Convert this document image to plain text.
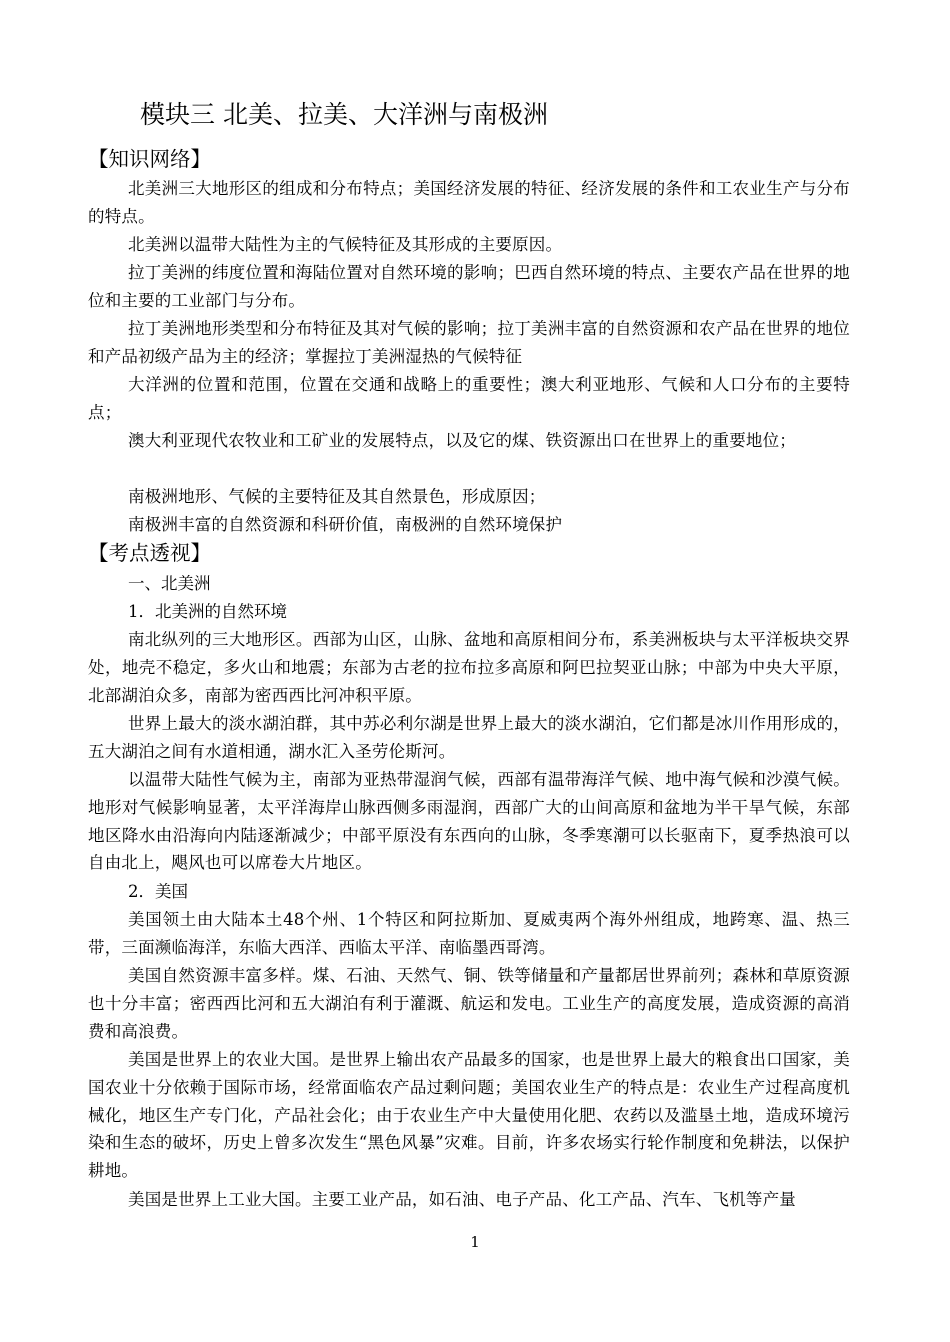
模块三 北美、拉美、大洋洲与南极洲
【知识网络】
北美洲三大地形区的组成和分布特点；美国经济发展的特征、经济发展的条件和工农业生产与分布的特点。
北美洲以温带大陆性为主的气候特征及其形成的主要原因。
拉丁美洲的纬度位置和海陆位置对自然环境的影响；巴西自然环境的特点、主要农产品在世界的地位和主要的工业部门与分布。
拉丁美洲地形类型和分布特征及其对气候的影响；拉丁美洲丰富的自然资源和农产品在世界的地位和产品初级产品为主的经济；掌握拉丁美洲湿热的气候特征
大洋洲的位置和范围，位置在交通和战略上的重要性；澳大利亚地形、气候和人口分布的主要特点；
澳大利亚现代农牧业和工矿业的发展特点，以及它的煤、铁资源出口在世界上的重要地位；
南极洲地形、气候的主要特征及其自然景色，形成原因；
南极洲丰富的自然资源和科研价值，南极洲的自然环境保护
【考点透视】
一、北美洲
1．北美洲的自然环境
南北纵列的三大地形区。西部为山区，山脉、盆地和高原相间分布，系美洲板块与太平洋板块交界处，地壳不稳定，多火山和地震；东部为古老的拉布拉多高原和阿巴拉契亚山脉；中部为中央大平原，北部湖泊众多，南部为密西西比河冲积平原。
世界上最大的淡水湖泊群，其中苏必利尔湖是世界上最大的淡水湖泊，它们都是冰川作用形成的，五大湖泊之间有水道相通，湖水汇入圣劳伦斯河。
以温带大陆性气候为主，南部为亚热带湿润气候，西部有温带海洋气候、地中海气候和沙漠气候。地形对气候影响显著，太平洋海岸山脉西侧多雨湿润，西部广大的山间高原和盆地为半干旱气候，东部地区降水由沿海向内陆逐渐减少；中部平原没有东西向的山脉，冬季寒潮可以长驱南下，夏季热浪可以自由北上，飓风也可以席卷大片地区。
2．美国
美国领土由大陆本土48个州、1个特区和阿拉斯加、夏威夷两个海外州组成，地跨寒、温、热三带，三面濒临海洋，东临大西洋、西临太平洋、南临墨西哥湾。
美国自然资源丰富多样。煤、石油、天然气、铜、铁等储量和产量都居世界前列；森林和草原资源也十分丰富；密西西比河和五大湖泊有利于灌溉、航运和发电。工业生产的高度发展，造成资源的高消费和高浪费。
美国是世界上的农业大国。是世界上输出农产品最多的国家，也是世界上最大的粮食出口国家，美国农业十分依赖于国际市场，经常面临农产品过剩问题；美国农业生产的特点是：农业生产过程高度机械化，地区生产专门化，产品社会化；由于农业生产中大量使用化肥、农药以及滥垦土地，造成环境污染和生态的破坏，历史上曾多次发生“黑色风暴”灾难。目前，许多农场实行轮作制度和免耕法，以保护耕地。
美国是世界上工业大国。主要工业产品，如石油、电子产品、化工产品、汽车、飞机等产量
1
